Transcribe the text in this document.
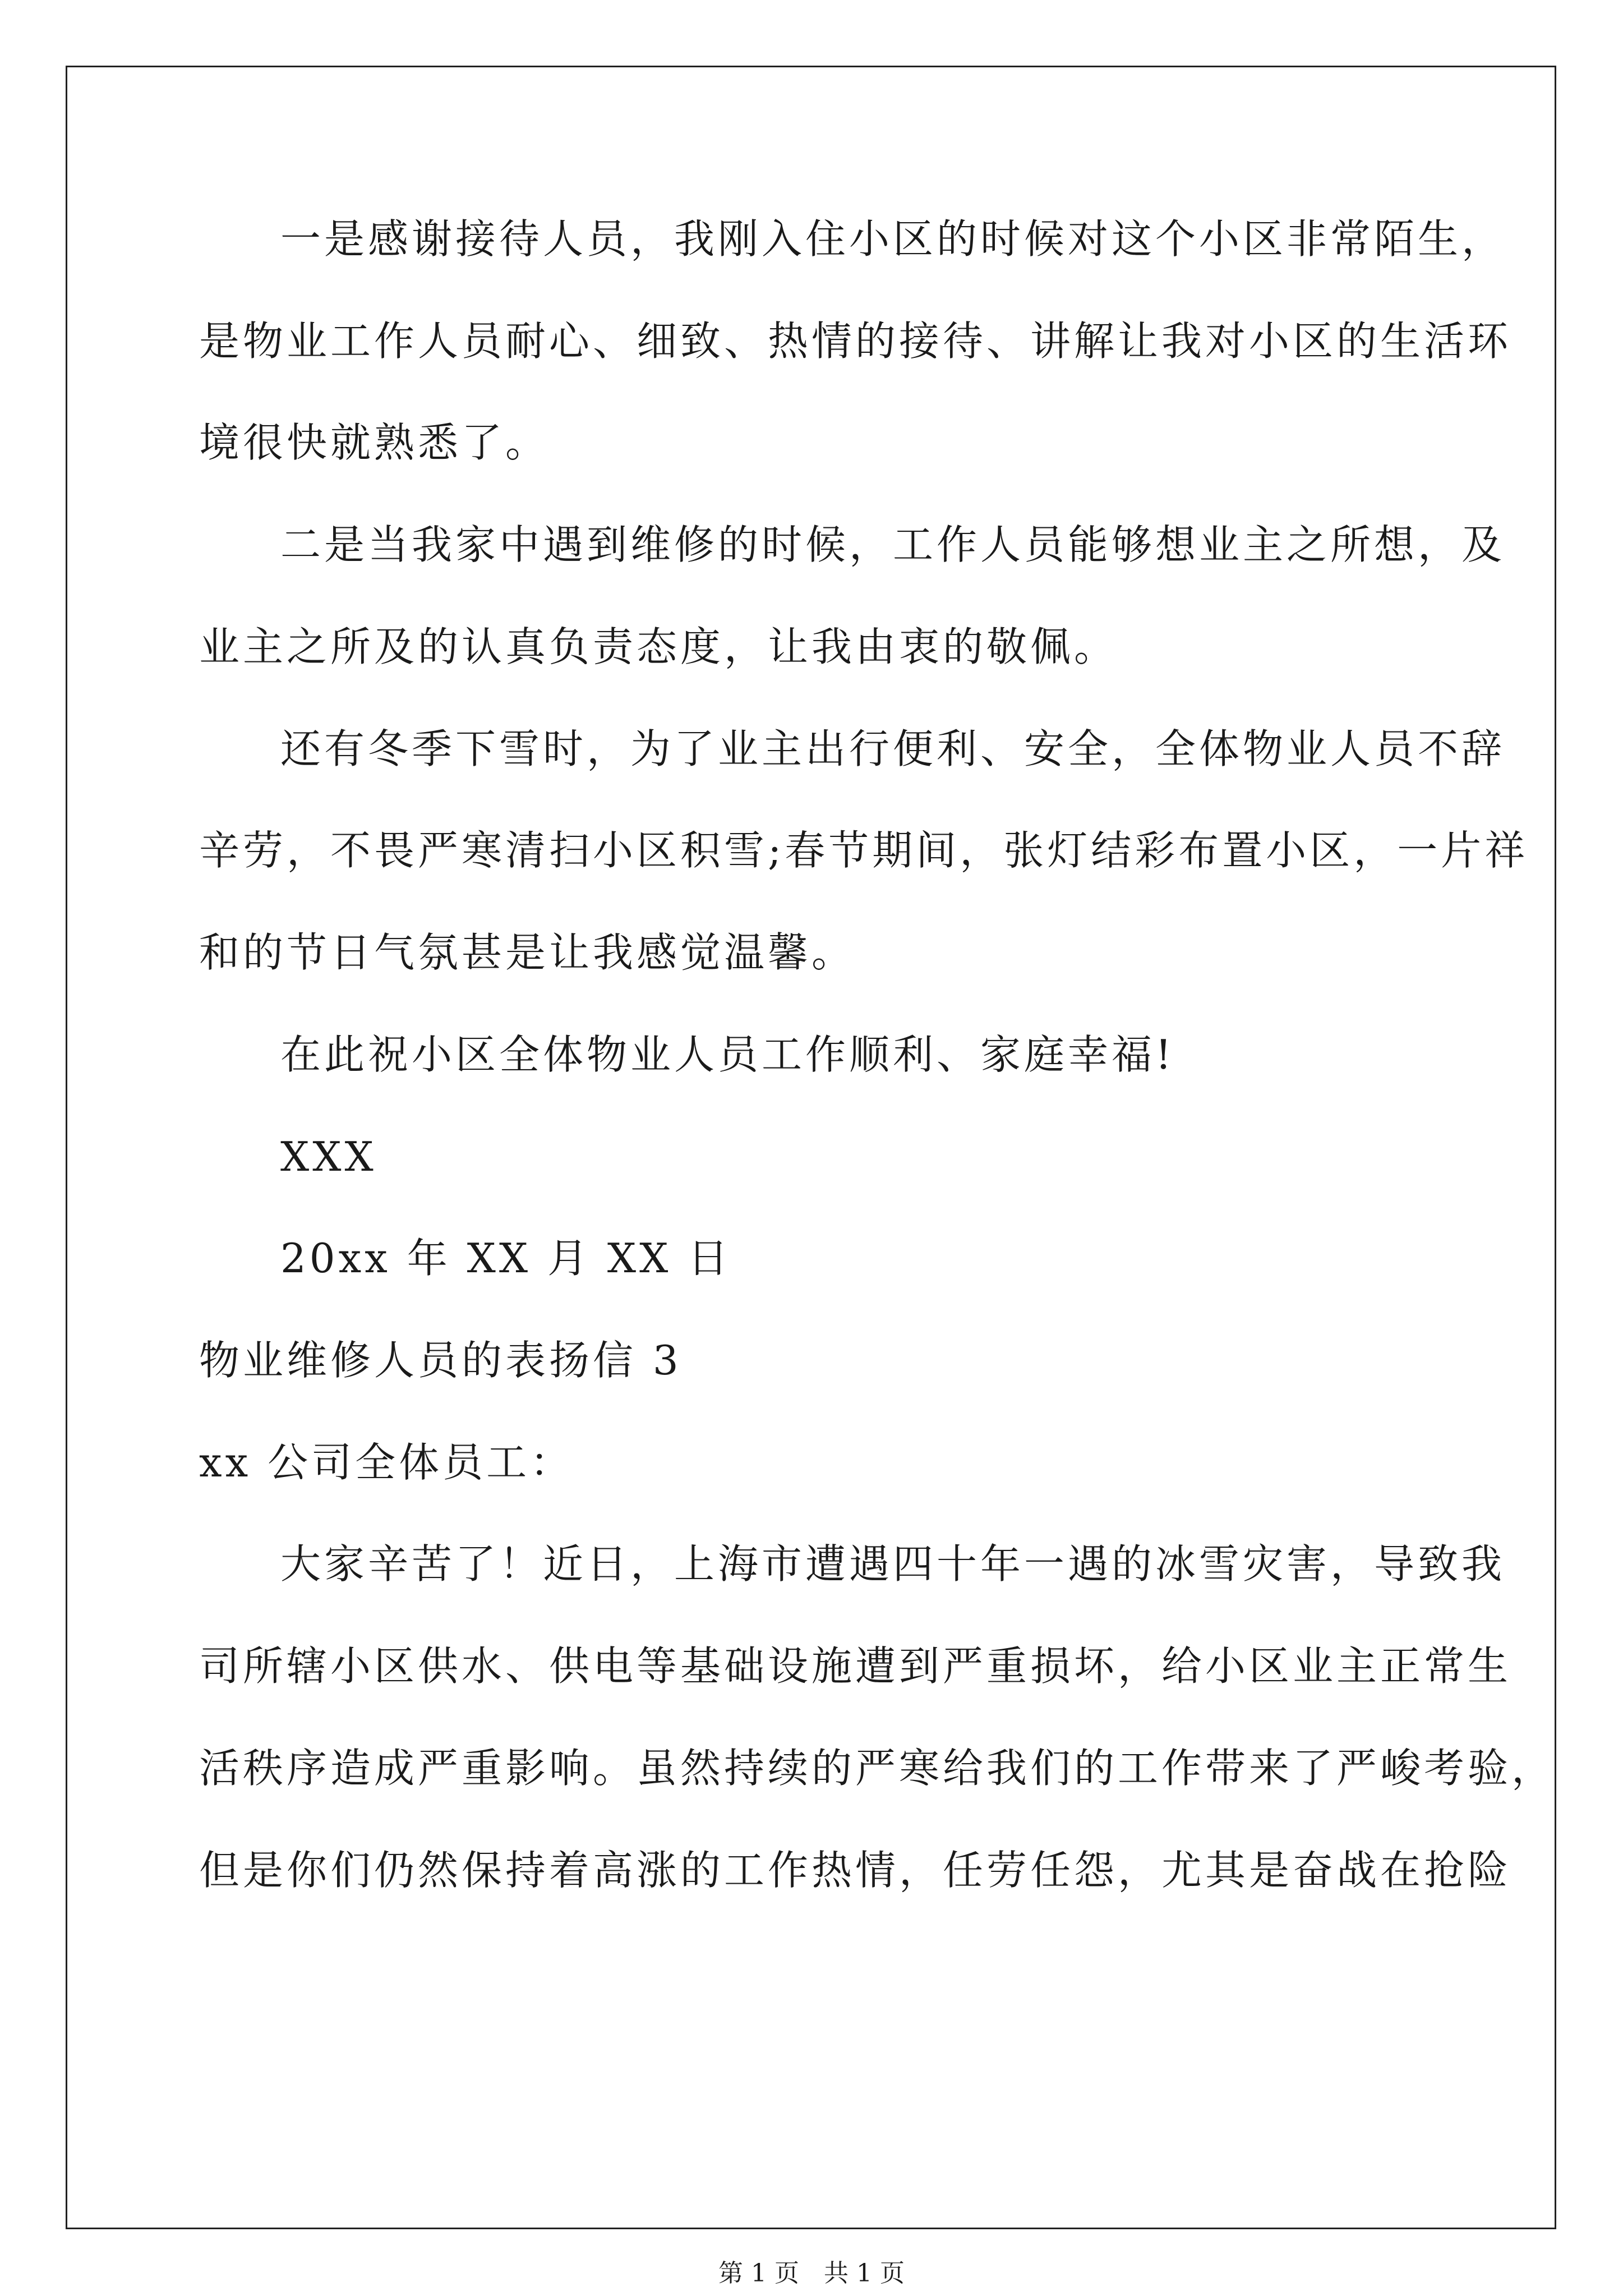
一是感谢接待人员，我刚入住小区的时候对这个小区非常陌生，
是物业工作人员耐心、细致、热情的接待、讲解让我对小区的生活环
境很快就熟悉了。
二是当我家中遇到维修的时候，工作人员能够想业主之所想，及
业主之所及的认真负责态度，让我由衷的敬佩。
还有冬季下雪时，为了业主出行便利、安全，全体物业人员不辞
辛劳，不畏严寒清扫小区积雪;春节期间，张灯结彩布置小区，一片祥
和的节日气氛甚是让我感觉温馨。
在此祝小区全体物业人员工作顺利、家庭幸福!
XXX
20xx 年 XX 月 XX 日
物业维修人员的表扬信 3
xx 公司全体员工：
大家辛苦了！近日，上海市遭遇四十年一遇的冰雪灾害，导致我
司所辖小区供水、供电等基础设施遭到严重损坏，给小区业主正常生
活秩序造成严重影响。虽然持续的严寒给我们的工作带来了严峻考验，
但是你们仍然保持着高涨的工作热情，任劳任怨，尤其是奋战在抢险
第 1 页　共 1 页
